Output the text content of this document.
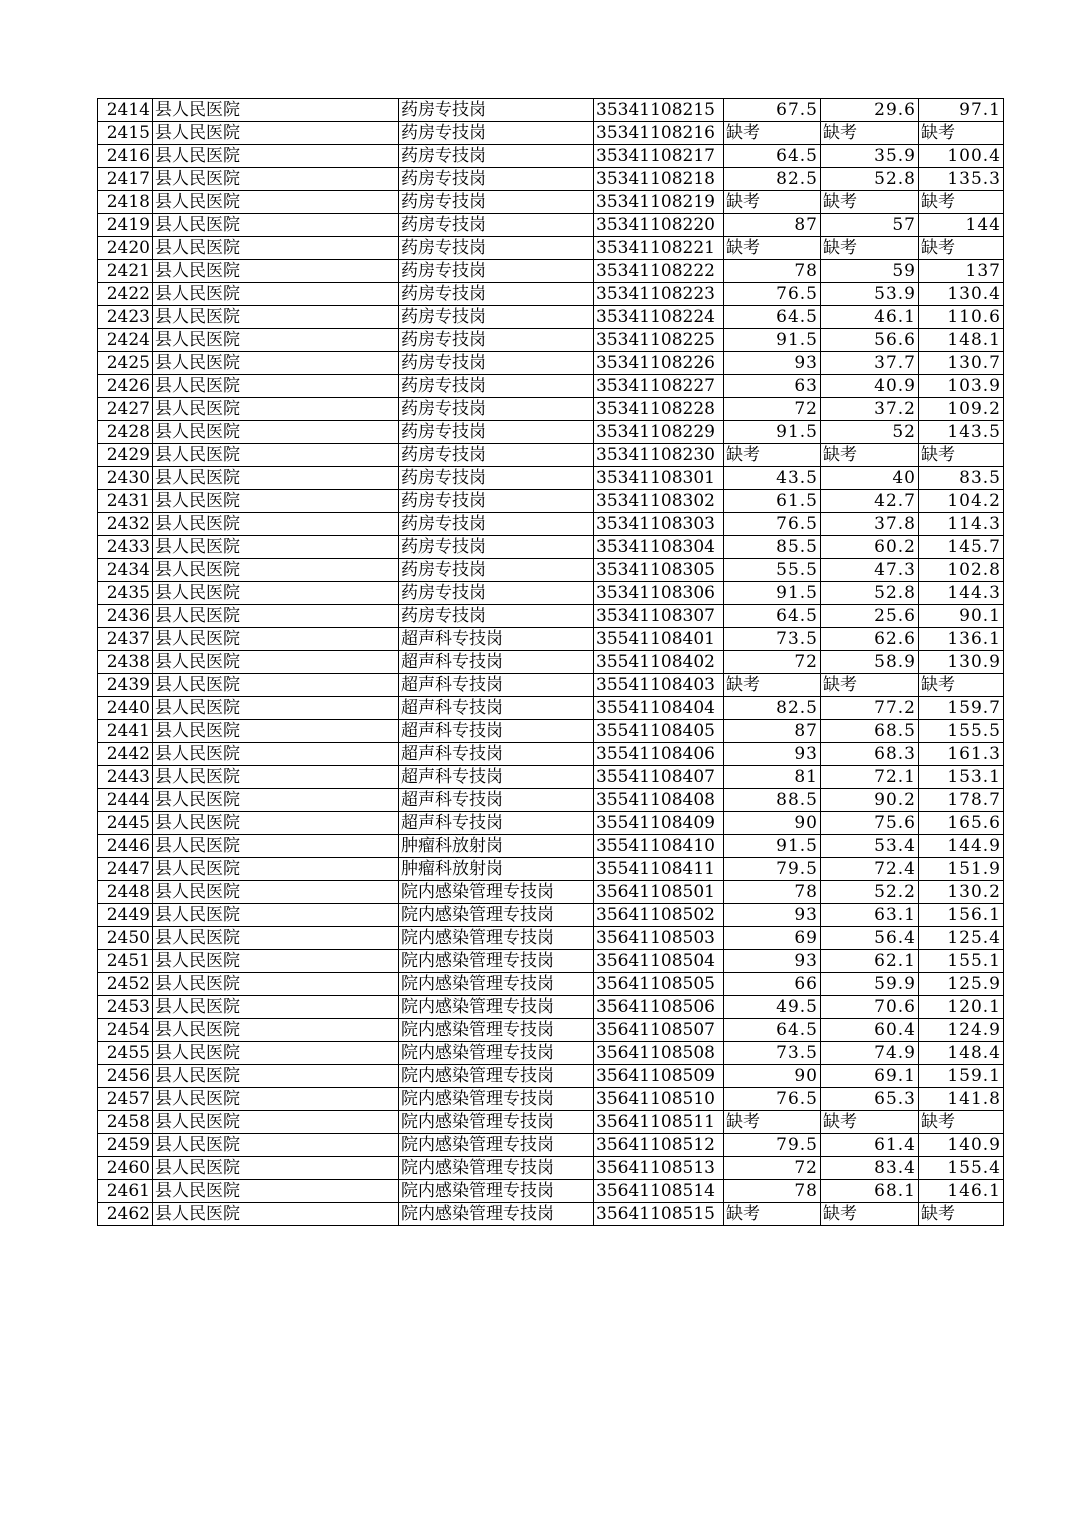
2414	县人民医院	药房专技岗	35341108215	67.5	29.6	97.1
2415	县人民医院	药房专技岗	35341108216	缺考	缺考	缺考
2416	县人民医院	药房专技岗	35341108217	64.5	35.9	100.4
2417	县人民医院	药房专技岗	35341108218	82.5	52.8	135.3
2418	县人民医院	药房专技岗	35341108219	缺考	缺考	缺考
2419	县人民医院	药房专技岗	35341108220	87	57	144
2420	县人民医院	药房专技岗	35341108221	缺考	缺考	缺考
2421	县人民医院	药房专技岗	35341108222	78	59	137
2422	县人民医院	药房专技岗	35341108223	76.5	53.9	130.4
2423	县人民医院	药房专技岗	35341108224	64.5	46.1	110.6
2424	县人民医院	药房专技岗	35341108225	91.5	56.6	148.1
2425	县人民医院	药房专技岗	35341108226	93	37.7	130.7
2426	县人民医院	药房专技岗	35341108227	63	40.9	103.9
2427	县人民医院	药房专技岗	35341108228	72	37.2	109.2
2428	县人民医院	药房专技岗	35341108229	91.5	52	143.5
2429	县人民医院	药房专技岗	35341108230	缺考	缺考	缺考
2430	县人民医院	药房专技岗	35341108301	43.5	40	83.5
2431	县人民医院	药房专技岗	35341108302	61.5	42.7	104.2
2432	县人民医院	药房专技岗	35341108303	76.5	37.8	114.3
2433	县人民医院	药房专技岗	35341108304	85.5	60.2	145.7
2434	县人民医院	药房专技岗	35341108305	55.5	47.3	102.8
2435	县人民医院	药房专技岗	35341108306	91.5	52.8	144.3
2436	县人民医院	药房专技岗	35341108307	64.5	25.6	90.1
2437	县人民医院	超声科专技岗	35541108401	73.5	62.6	136.1
2438	县人民医院	超声科专技岗	35541108402	72	58.9	130.9
2439	县人民医院	超声科专技岗	35541108403	缺考	缺考	缺考
2440	县人民医院	超声科专技岗	35541108404	82.5	77.2	159.7
2441	县人民医院	超声科专技岗	35541108405	87	68.5	155.5
2442	县人民医院	超声科专技岗	35541108406	93	68.3	161.3
2443	县人民医院	超声科专技岗	35541108407	81	72.1	153.1
2444	县人民医院	超声科专技岗	35541108408	88.5	90.2	178.7
2445	县人民医院	超声科专技岗	35541108409	90	75.6	165.6
2446	县人民医院	肿瘤科放射岗	35541108410	91.5	53.4	144.9
2447	县人民医院	肿瘤科放射岗	35541108411	79.5	72.4	151.9
2448	县人民医院	院内感染管理专技岗	35641108501	78	52.2	130.2
2449	县人民医院	院内感染管理专技岗	35641108502	93	63.1	156.1
2450	县人民医院	院内感染管理专技岗	35641108503	69	56.4	125.4
2451	县人民医院	院内感染管理专技岗	35641108504	93	62.1	155.1
2452	县人民医院	院内感染管理专技岗	35641108505	66	59.9	125.9
2453	县人民医院	院内感染管理专技岗	35641108506	49.5	70.6	120.1
2454	县人民医院	院内感染管理专技岗	35641108507	64.5	60.4	124.9
2455	县人民医院	院内感染管理专技岗	35641108508	73.5	74.9	148.4
2456	县人民医院	院内感染管理专技岗	35641108509	90	69.1	159.1
2457	县人民医院	院内感染管理专技岗	35641108510	76.5	65.3	141.8
2458	县人民医院	院内感染管理专技岗	35641108511	缺考	缺考	缺考
2459	县人民医院	院内感染管理专技岗	35641108512	79.5	61.4	140.9
2460	县人民医院	院内感染管理专技岗	35641108513	72	83.4	155.4
2461	县人民医院	院内感染管理专技岗	35641108514	78	68.1	146.1
2462	县人民医院	院内感染管理专技岗	35641108515	缺考	缺考	缺考
